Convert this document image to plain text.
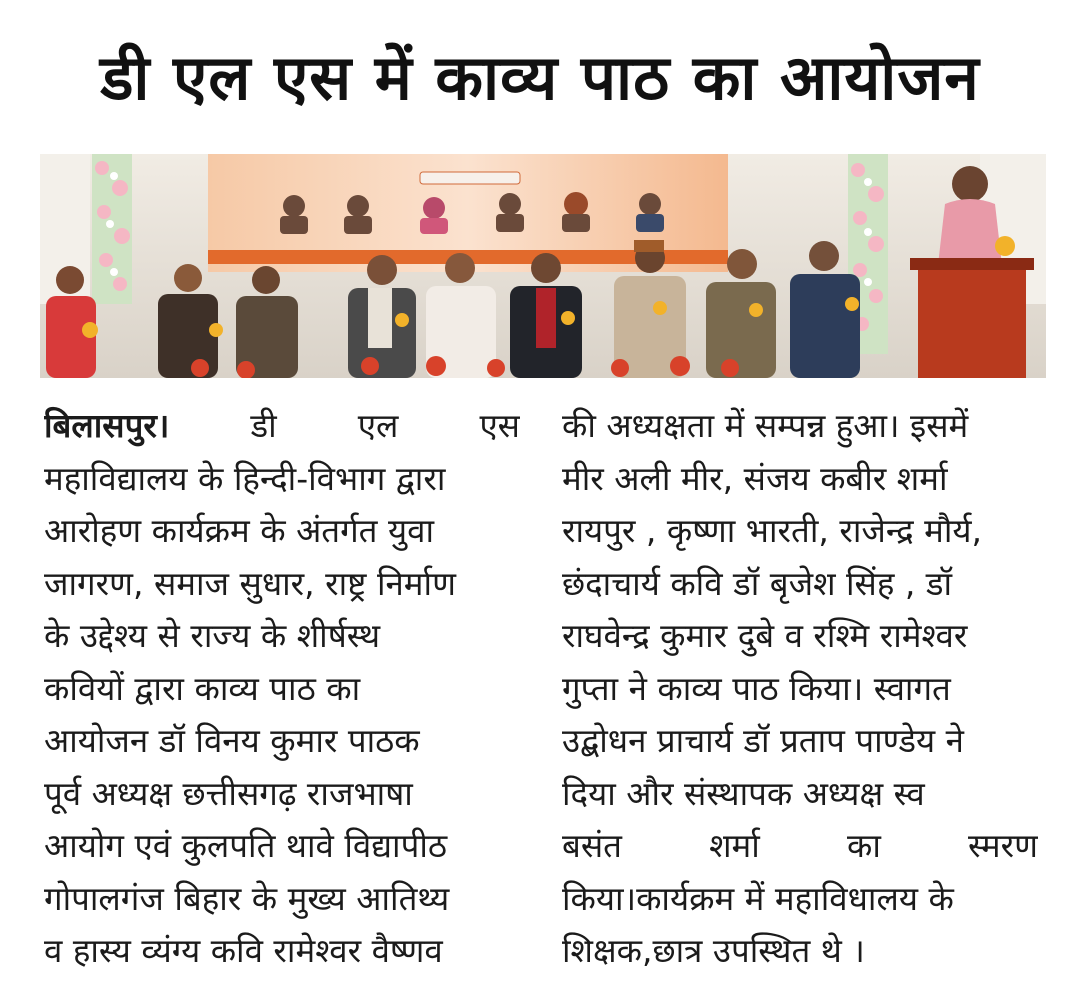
डी एल एस में काव्य पाठ का आयोजन
बिलासपुर। डी एल एस
महाविद्यालय के हिन्दी-विभाग द्वारा
आरोहण कार्यक्रम के अंतर्गत युवा
जागरण, समाज सुधार, राष्ट्र निर्माण
के उद्देश्य से राज्य के शीर्षस्थ
कवियों द्वारा काव्य पाठ का
आयोजन डॉ विनय कुमार पाठक
पूर्व अध्यक्ष छत्तीसगढ़ राजभाषा
आयोग एवं कुलपति थावे विद्यापीठ
गोपालगंज बिहार के मुख्य आतिथ्य
व हास्य व्यंग्य कवि रामेश्वर वैष्णव
की अध्यक्षता में सम्पन्न हुआ। इसमें
मीर अली मीर, संजय कबीर शर्मा
रायपुर , कृष्णा भारती, राजेन्द्र मौर्य,
छंदाचार्य कवि डॉ बृजेश सिंह , डॉ
राघवेन्द्र कुमार दुबे व रश्मि रामेश्वर
गुप्ता ने काव्य पाठ किया। स्वागत
उद्बोधन प्राचार्य डॉ प्रताप पाण्डेय ने
दिया और संस्थापक अध्यक्ष स्व
बसंत	शर्मा	का	स्मरण
किया।कार्यक्रम में महाविधालय के
शिक्षक,छात्र उपस्थित थे ।
